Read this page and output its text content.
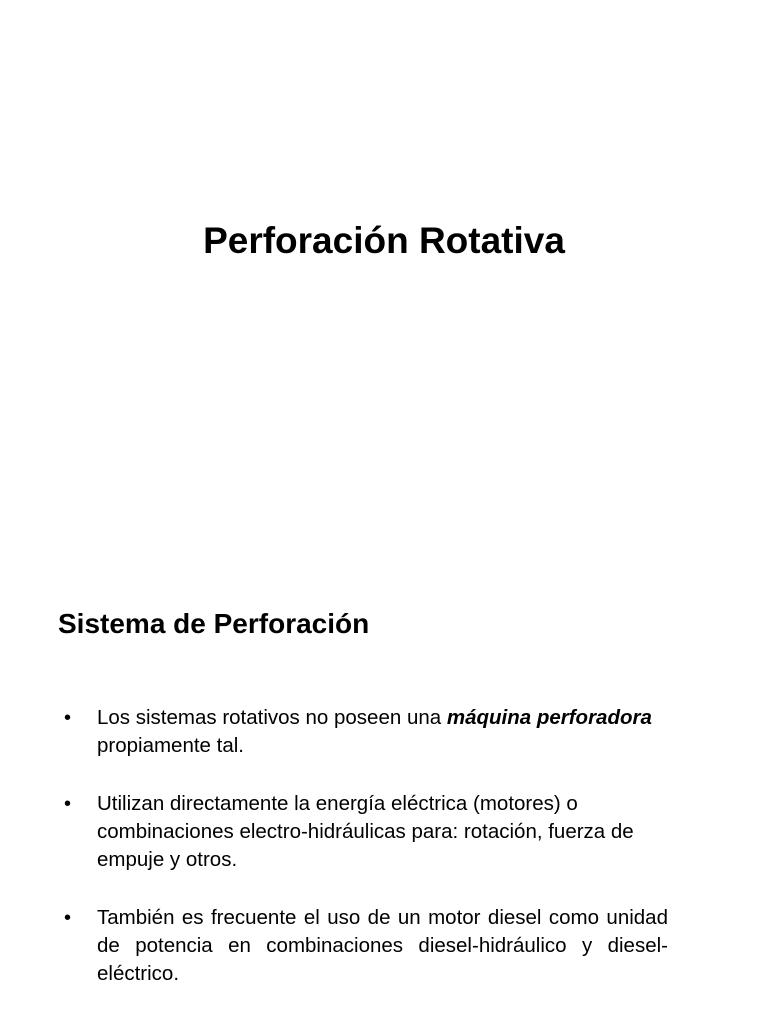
Perforación Rotativa
Sistema de Perforación
• Los sistemas rotativos no poseen una máquina perforadora propiamente tal.
• Utilizan directamente la energía eléctrica (motores) o combinaciones electro-hidráulicas para: rotación, fuerza de empuje y otros.
• También es frecuente el uso de un motor diesel como unidad de potencia en combinaciones diesel-hidráulico y diesel-eléctrico.
